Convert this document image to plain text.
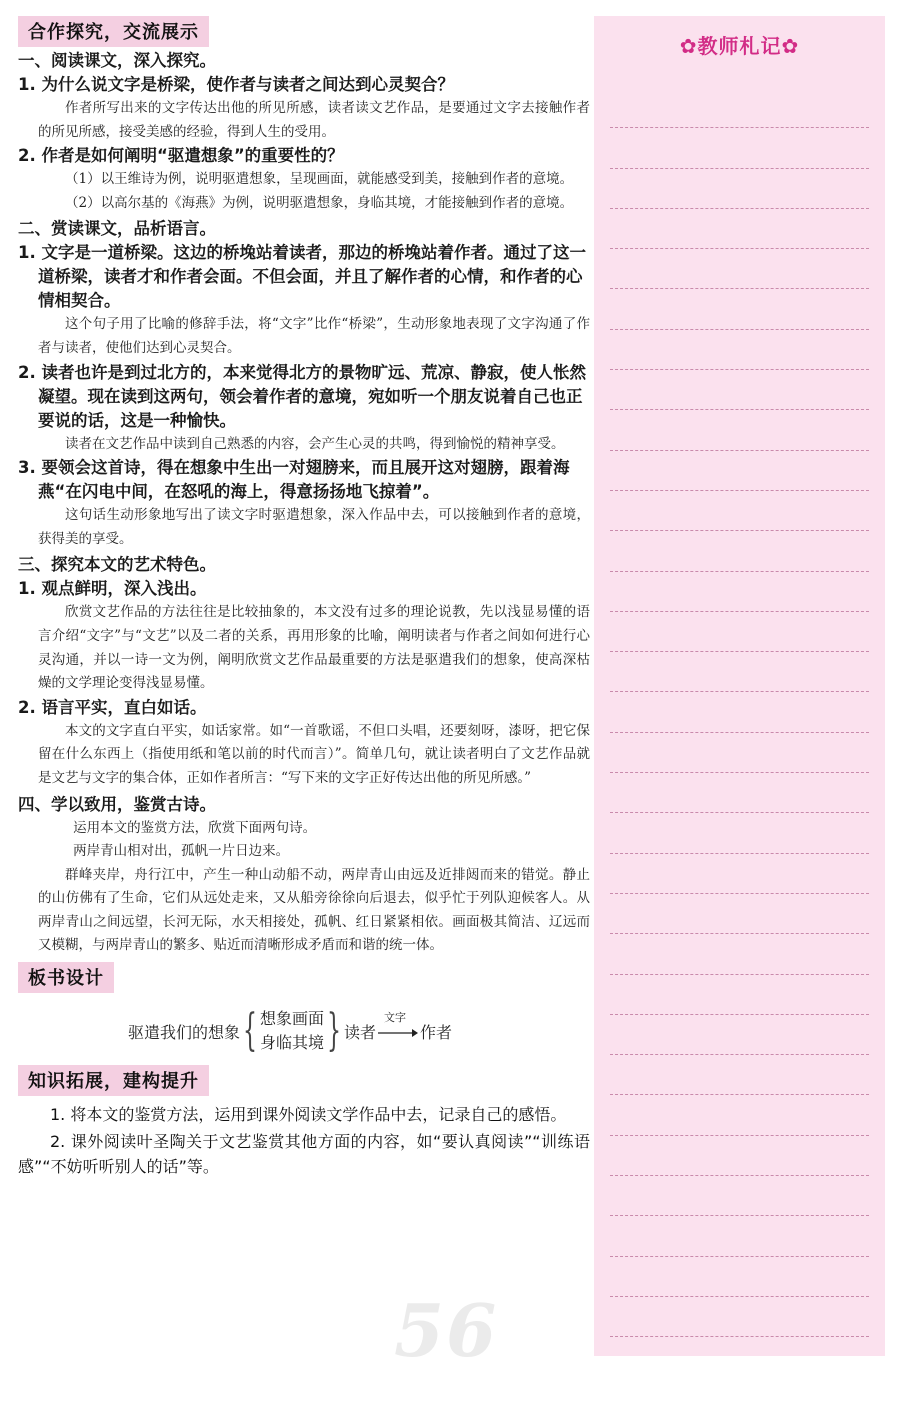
合作探究，交流展示
一、阅读课文，深入探究。
1. 为什么说文字是桥梁，使作者与读者之间达到心灵契合？
作者所写出来的文字传达出他的所见所感，读者读文艺作品，是要通过文字去接触作者的所见所感，接受美感的经验，得到人生的受用。
2. 作者是如何阐明“驱遣想象”的重要性的？
（1）以王维诗为例，说明驱遣想象，呈现画面，就能感受到美，接触到作者的意境。
（2）以高尔基的《海燕》为例，说明驱遣想象，身临其境，才能接触到作者的意境。
二、赏读课文，品析语言。
1. 文字是一道桥梁。这边的桥堍站着读者，那边的桥堍站着作者。通过了这一道桥梁，读者才和作者会面。不但会面，并且了解作者的心情，和作者的心情相契合。
这个句子用了比喻的修辞手法，将“文字”比作“桥梁”，生动形象地表现了文字沟通了作者与读者，使他们达到心灵契合。
2. 读者也许是到过北方的，本来觉得北方的景物旷远、荒凉、静寂，使人怅然凝望。现在读到这两句，领会着作者的意境，宛如听一个朋友说着自己也正要说的话，这是一种愉快。
读者在文艺作品中读到自己熟悉的内容，会产生心灵的共鸣，得到愉悦的精神享受。
3. 要领会这首诗，得在想象中生出一对翅膀来，而且展开这对翅膀，跟着海燕“在闪电中间，在怒吼的海上，得意扬扬地飞掠着”。
这句话生动形象地写出了读文字时驱遣想象，深入作品中去，可以接触到作者的意境，获得美的享受。
三、探究本文的艺术特色。
1. 观点鲜明，深入浅出。
欣赏文艺作品的方法往往是比较抽象的，本文没有过多的理论说教，先以浅显易懂的语言介绍“文字”与“文艺”以及二者的关系，再用形象的比喻，阐明读者与作者之间如何进行心灵沟通，并以一诗一文为例，阐明欣赏文艺作品最重要的方法是驱遣我们的想象，使高深枯燥的文学理论变得浅显易懂。
2. 语言平实，直白如话。
本文的文字直白平实，如话家常。如“一首歌谣，不但口头唱，还要刻呀，漆呀，把它保留在什么东西上（指使用纸和笔以前的时代而言）”。简单几句，就让读者明白了文艺作品就是文艺与文字的集合体，正如作者所言：“写下来的文字正好传达出他的所见所感。”
四、学以致用，鉴赏古诗。
运用本文的鉴赏方法，欣赏下面两句诗。
两岸青山相对出，孤帆一片日边来。
群峰夹岸，舟行江中，产生一种山动船不动，两岸青山由远及近排闼而来的错觉。静止的山仿佛有了生命，它们从远处走来，又从船旁徐徐向后退去，似乎忙于列队迎候客人。从两岸青山之间远望，长河无际，水天相接处，孤帆、红日紧紧相依。画面极其简洁、辽远而又模糊，与两岸青山的繁多、贴近而清晰形成矛盾而和谐的统一体。
板书设计
驱遣我们的想象 { 想象画面
身临其境 } 读者
文字
作者
知识拓展，建构提升
1. 将本文的鉴赏方法，运用到课外阅读文学作品中去，记录自己的感悟。
2. 课外阅读叶圣陶关于文艺鉴赏其他方面的内容，如“要认真阅读”“训练语感”“不妨听听别人的话”等。
56
✿教师札记✿
